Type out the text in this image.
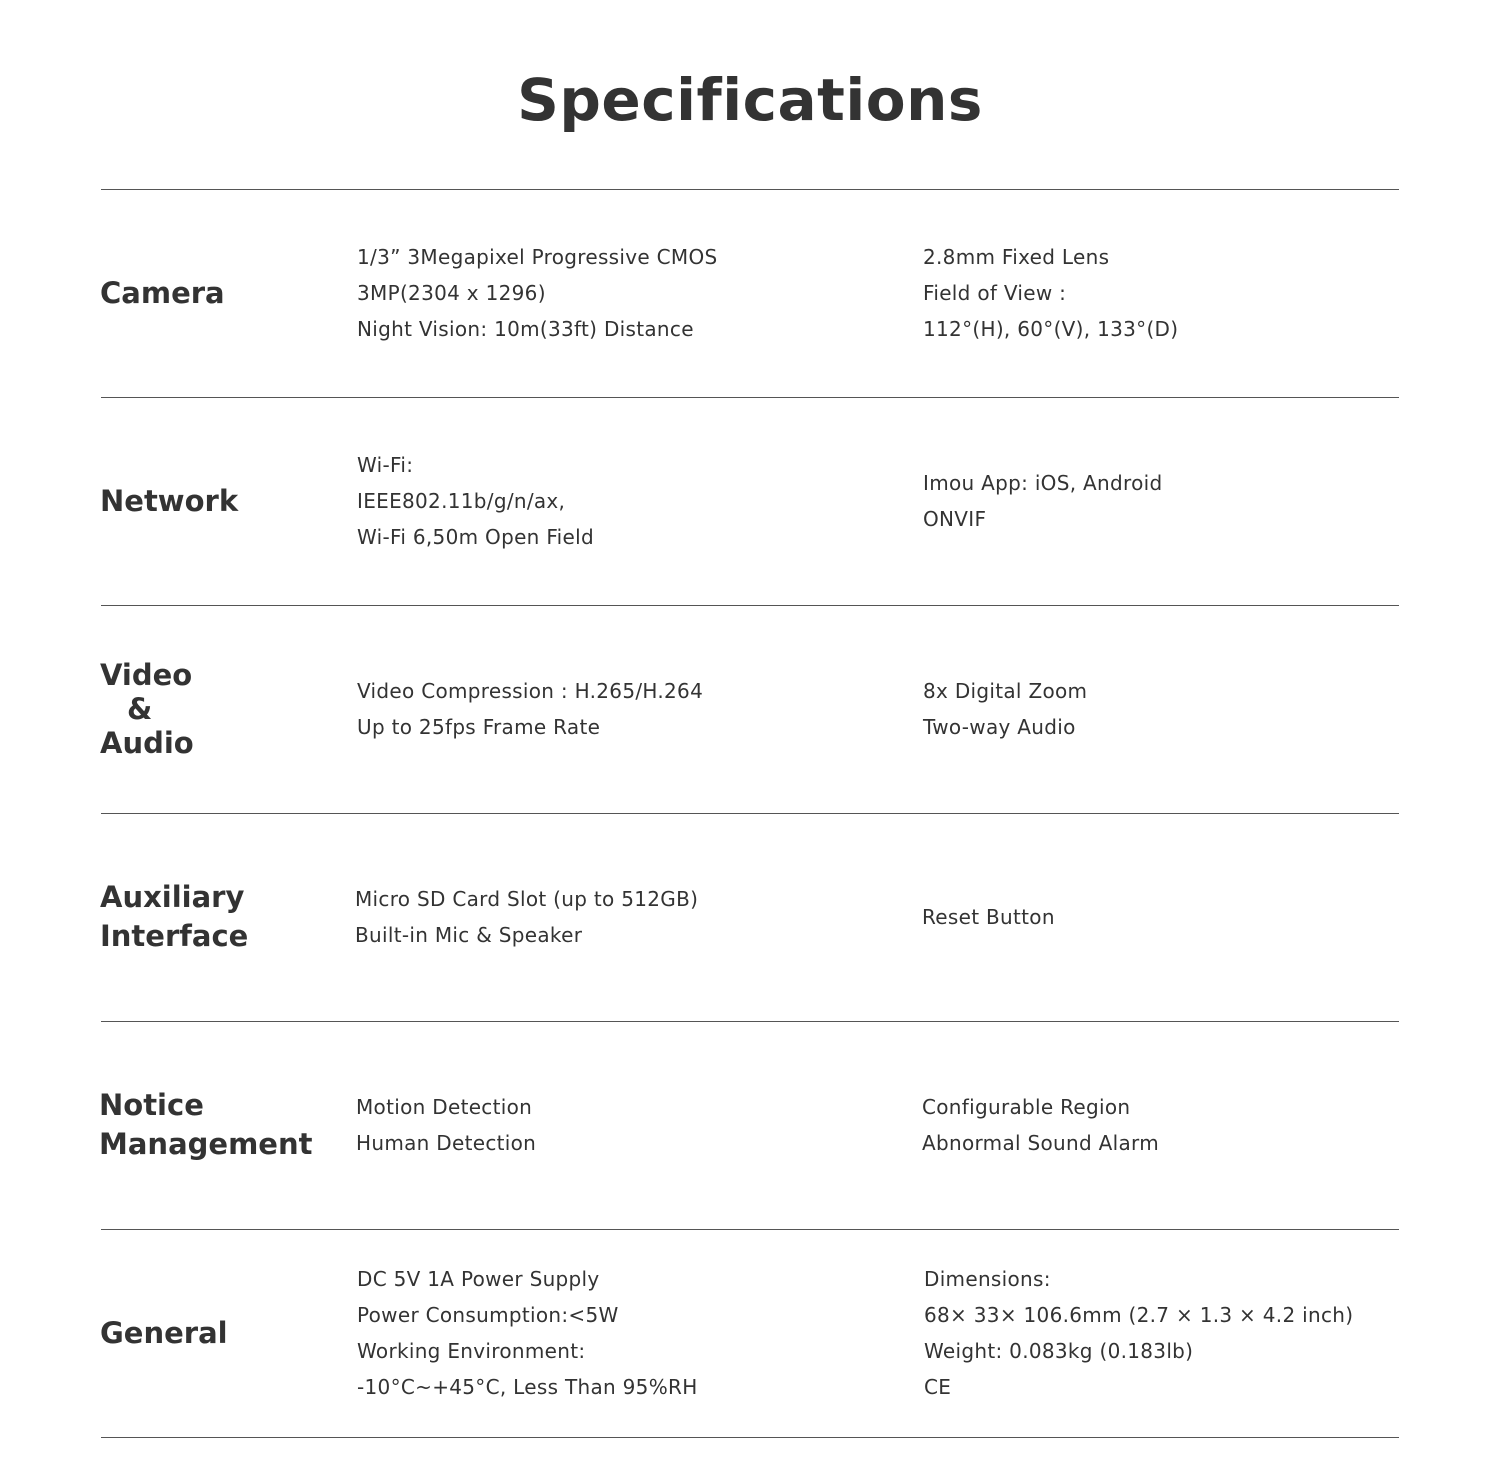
Specifications
Camera
1/3” 3Megapixel Progressive CMOS
3MP(2304 x 1296)
Night Vision: 10m(33ft) Distance
2.8mm Fixed Lens
Field of View :
112°(H), 60°(V), 133°(D)
Network
Wi-Fi:
IEEE802.11b/g/n/ax,
Wi-Fi 6,50m Open Field
Imou App: iOS, Android
ONVIF
Video
&
Audio
Video Compression : H.265/H.264
Up to 25fps Frame Rate
8x Digital Zoom
Two-way Audio
Auxiliary
Interface
Micro SD Card Slot (up to 512GB)
Built-in Mic & Speaker
Reset Button
Notice
Management
Motion Detection
Human Detection
Configurable Region
Abnormal Sound Alarm
General
DC 5V 1A Power Supply
Power Consumption:<5W
Working Environment:
-10°C~+45°C, Less Than 95%RH
Dimensions:
68× 33× 106.6mm (2.7 × 1.3 × 4.2 inch)
Weight: 0.083kg (0.183lb)
CE
